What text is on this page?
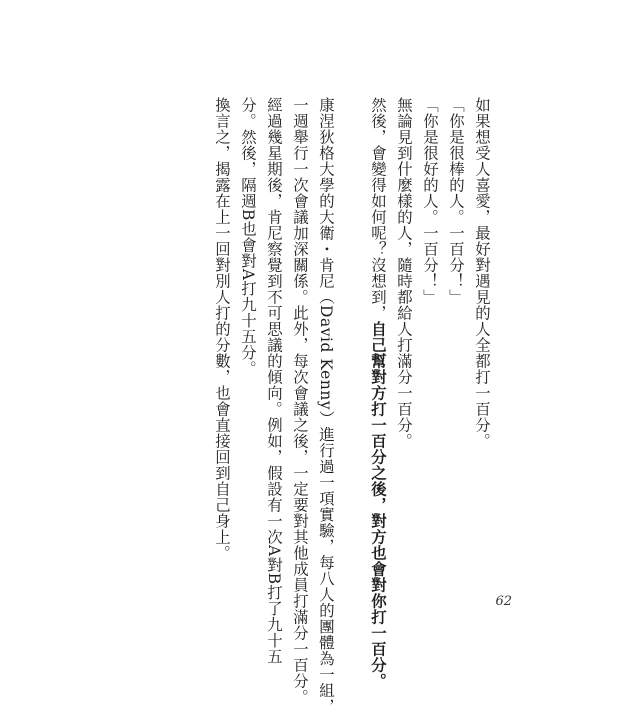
如果想受人喜愛，最好對遇見的人全都打一百分。
「你是很棒的人。一百分！」
「你是很好的人。一百分！」
無論見到什麼樣的人，隨時都給人打滿分一百分。
然後，會變得如何呢？沒想到，自己幫對方打一百分之後，對方也會對你打一百分。
康涅狄格大學的大衛・肯尼（David Kenny）進行過一項實驗，每八人的團體為一組，
一週舉行一次會議加深關係。此外，每次會議之後，一定要對其他成員打滿分一百分。
經過幾星期後，肯尼察覺到不可思議的傾向。例如，假設有一次A對B打了九十五
分。然後，隔週B也會對A打九十五分。
換言之，揭露在上一回對別人打的分數，也會直接回到自己身上。
62
